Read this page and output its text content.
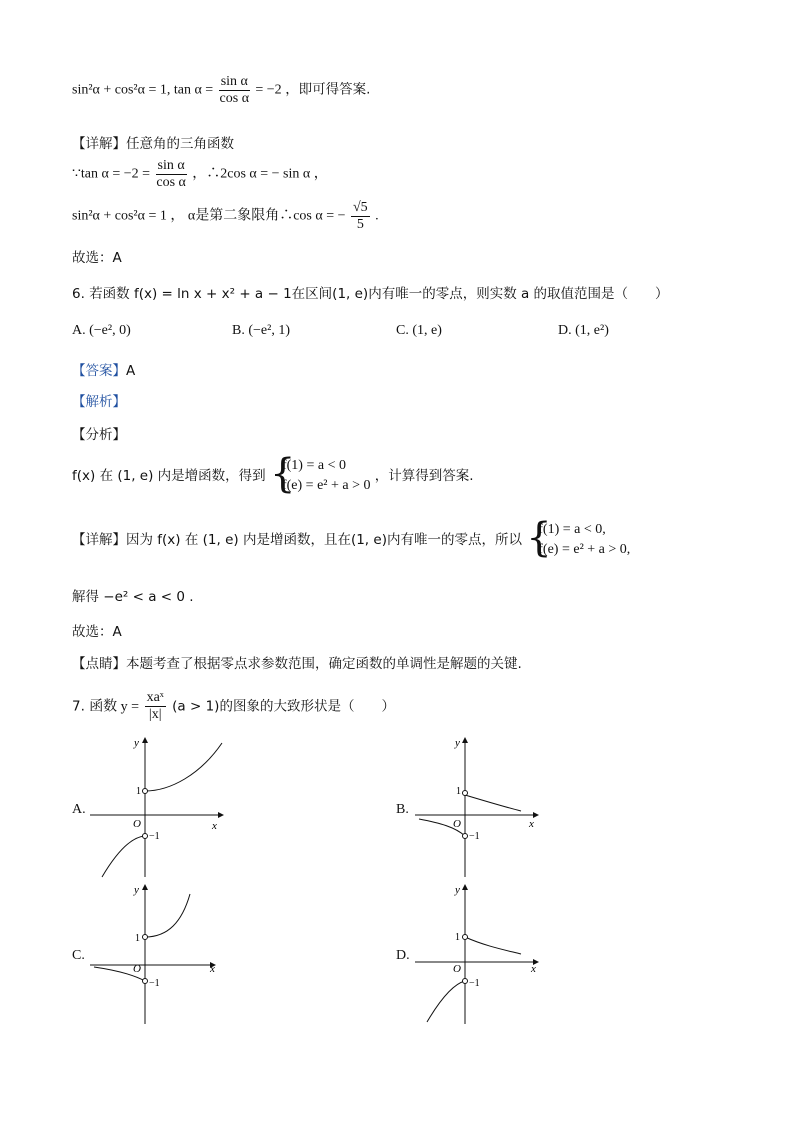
sin²α + cos²α = 1, $\tan \alpha = \frac{\text{sin α}}{\text{cos α}} = -2$ ，即可得答案.
【详解】任意角的三角函数
∵tan $\alpha = -2 = \frac{\text{sin α}}{\text{cos α}}$ ，∴2cos α = − sin α ，
sin²α + cos²α = 1 ， α是第二象限角∴cos α = − $\frac{√5}{5}$ .
故选：A
6. 若函数 f(x) = ln x + x² + a − 1在区间(1, e)内有唯一的零点，则实数 a 的取值范围是（　　）
A. (−e², 0)	B. (−e², 1)	C. (1, e)	D. (1, e²)
【答案】A
【解析】
【分析】
f(x) 在 (1, e) 内是增函数，得到 {
f(1) = a < 0
f(e) = e² + a > 0
，计算得到答案.
【详解】因为 f(x) 在 (1, e) 内是增函数，且在(1, e)内有唯一的零点，所以 {
f(1) = a < 0,
f(e) = e² + a > 0,
解得 −e² < a < 0 .
故选：A
【点睛】本题考查了根据零点求参数范围，确定函数的单调性是解题的关键.
7. 函数 $y = \frac{\text{xaˣ}}{|x|} (a > 1)$的图象的大致形状是（　　）
A.	B.
C.	D.
y
x
O
1
−1
y
x
O
1
−1
y
x
O
1
−1
y
x
O
1
−1
